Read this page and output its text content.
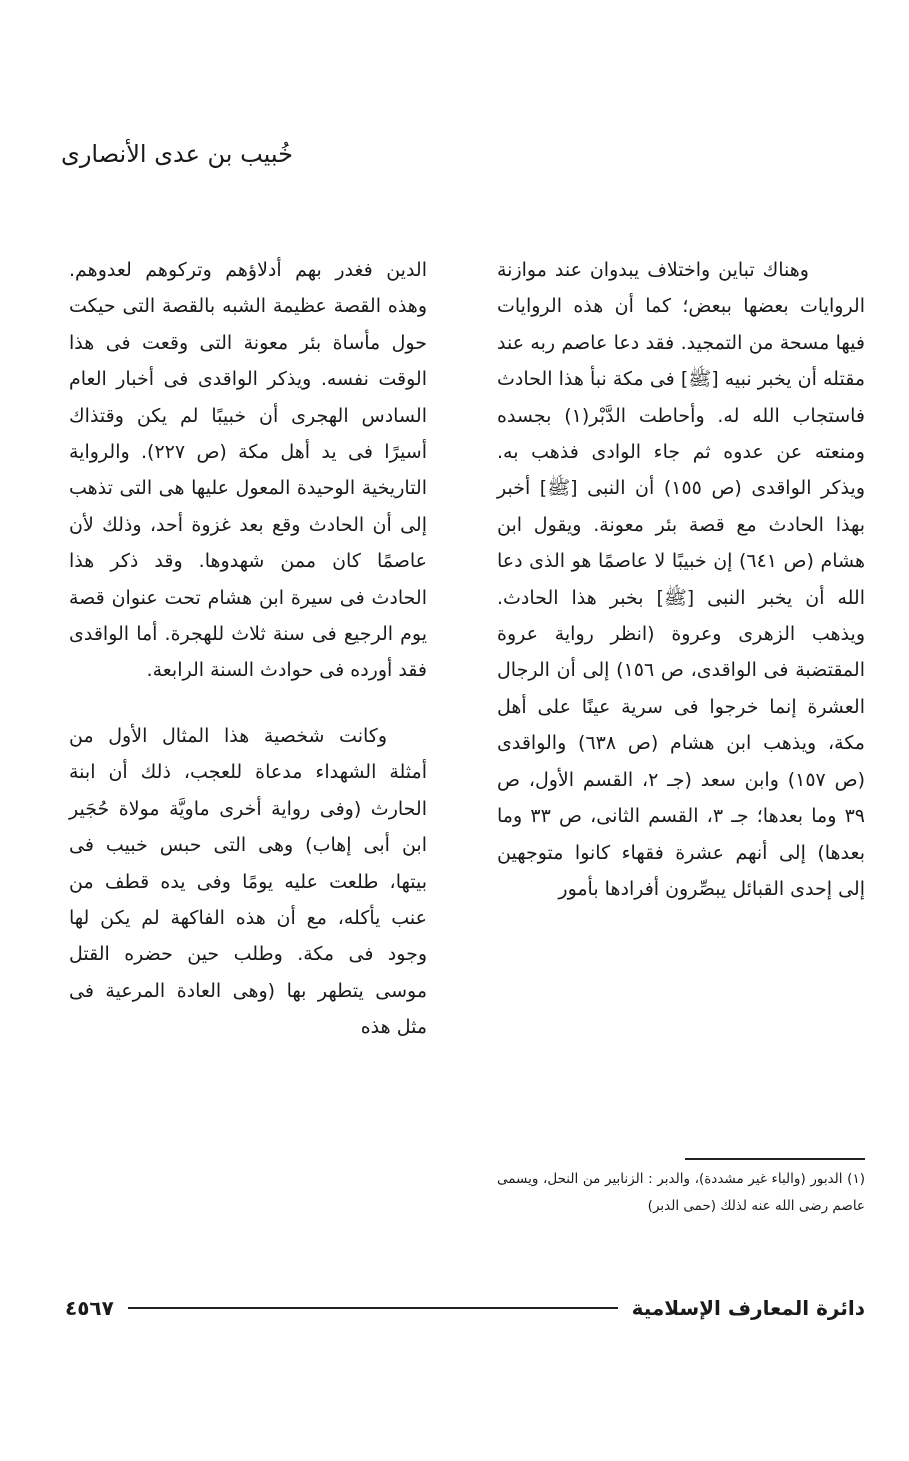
خُبيب بن عدى الأنصارى

وهناك تباين واختلاف يبدوان عند موازنة الروايات بعضها ببعض؛ كما أن هذه الروايات فيها مسحة من التمجيد. فقد دعا عاصم ربه عند مقتله أن يخبر نبيه [ﷺ] فى مكة نبأ هذا الحادث فاستجاب الله له. وأحاطت الدَّبْر(١) بجسده ومنعته عن عدوه ثم جاء الوادى فذهب به. ويذكر الواقدى (ص ١٥٥) أن النبى [ﷺ] أخبر بهذا الحادث مع قصة بئر معونة. ويقول ابن هشام (ص ٦٤١) إن خبيبًا لا عاصمًا هو الذى دعا الله أن يخبر النبى [ﷺ] بخبر هذا الحادث. ويذهب الزهرى وعروة (انظر رواية عروة المقتضبة فى الواقدى، ص ١٥٦) إلى أن الرجال العشرة إنما خرجوا فى سرية عينًا على أهل مكة، ويذهب ابن هشام (ص ٦٣٨) والواقدى (ص ١٥٧) وابن سعد (جـ ٢، القسم الأول، ص ٣٩ وما بعدها؛ جـ ٣، القسم الثانى، ص ٣٣ وما بعدها) إلى أنهم عشرة فقهاء كانوا متوجهين إلى إحدى القبائل يبصِّرون أفرادها بأمور

الدين فغدر بهم أدلاؤهم وتركوهم لعدوهم. وهذه القصة عظيمة الشبه بالقصة التى حيكت حول مأساة بئر معونة التى وقعت فى هذا الوقت نفسه. ويذكر الواقدى فى أخبار العام السادس الهجرى أن خبيبًا لم يكن وقتذاك أسيرًا فى يد أهل مكة (ص ٢٢٧). والرواية التاريخية الوحيدة المعول عليها هى التى تذهب إلى أن الحادث وقع بعد غزوة أحد، وذلك لأن عاصمًا كان ممن شهدوها. وقد ذكر هذا الحادث فى سيرة ابن هشام تحت عنوان قصة يوم الرجيع فى سنة ثلاث للهجرة. أما الواقدى فقد أورده فى حوادث السنة الرابعة.

وكانت شخصية هذا المثال الأول من أمثلة الشهداء مدعاة للعجب، ذلك أن ابنة الحارث (وفى رواية أخرى ماويَّة مولاة حُجَير ابن أبى إهاب) وهى التى حبس خبيب فى بيتها، طلعت عليه يومًا وفى يده قطف من عنب يأكله، مع أن هذه الفاكهة لم يكن لها وجود فى مكة. وطلب حين حضره القتل موسى يتطهر بها (وهى العادة المرعية فى مثل هذه

(١) الدبور (والباء غير مشددة)، والدبر : الزنابير من النحل، ويسمى عاصم رضى الله عنه لذلك (حمى الدبر)

دائرة المعارف الإسلامية
٤٥٦٧
